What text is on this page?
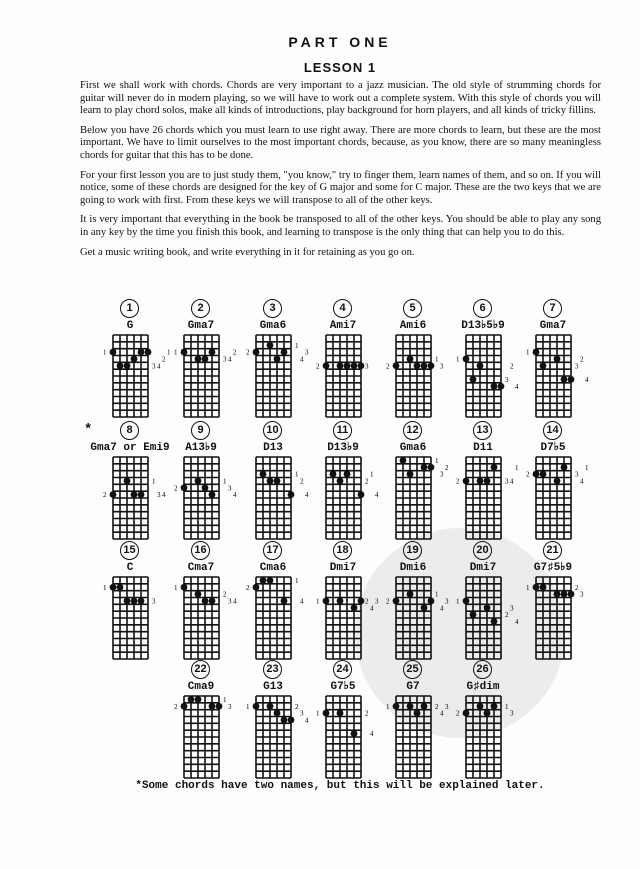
PART ONE
LESSON 1

First we shall work with chords. Chords are very important to a jazz musician. The old style of strumming chords for guitar will never do in modern playing, so we will have to work out a complete system. With this style of chords you will learn to play chord solos, make all kinds of introductions, play background for horn players, and all kinds of tricky fillins.

Below you have 26 chords which you must learn to use right away. There are more chords to learn, but these are the most important. We have to limit ourselves to the most important chords, because, as you know, there are so many meaningless chords for guitar that this has to be done.

For your first lesson you are to just study them, "you know," try to finger them, learn names of them, and so on. If you will notice, some of these chords are designed for the key of G major and some for C major. These are the two keys that we are going to work with first. From these keys we will transpose to all of the other keys.

It is very important that everything in the book be transposed to all of the other keys. You should be able to play any song in any key by the time you finish this book, and learning to transpose is the only thing that can help you to do this.

Get a music writing book, and write everything in it for retaining as you go on.

*
1
G
1
3 4
2
1
2
Gma7
1
3 4
2
3
Gma6
2
1
4
3
4
Ami7
2	3
5
Ami6
2
1
3
6
D13♭5♭9
1
3
2
4
7
Gma7
1
3
2
4
8
Gma7 or Emi9
2
1
3 4
9
A13♭9
2
1
3
4
10
D13
1
2
4
11
D13♭9
2
1
4
12
Gma6
1
3
2
13
D11
2	3 4
1
14
D7♭5
2	3
4
1
15
C
1
3
16
Cma7
1
2
3 4
17
Cma6
2
1
4
18
Dmi7
1	2
4
3
19
Dmi6
2
1
4
3
20
Dmi7
1
2
3
4
21
G7♯5♭9
1	2
3
22
Cma9
2
1
3
23
G13
1	2
3
4
24
G7♭5
1	2
4
25
G7
1	2
4
3
26
G♯dim
2
1
3
*Some chords have two names, but this will be explained later.
